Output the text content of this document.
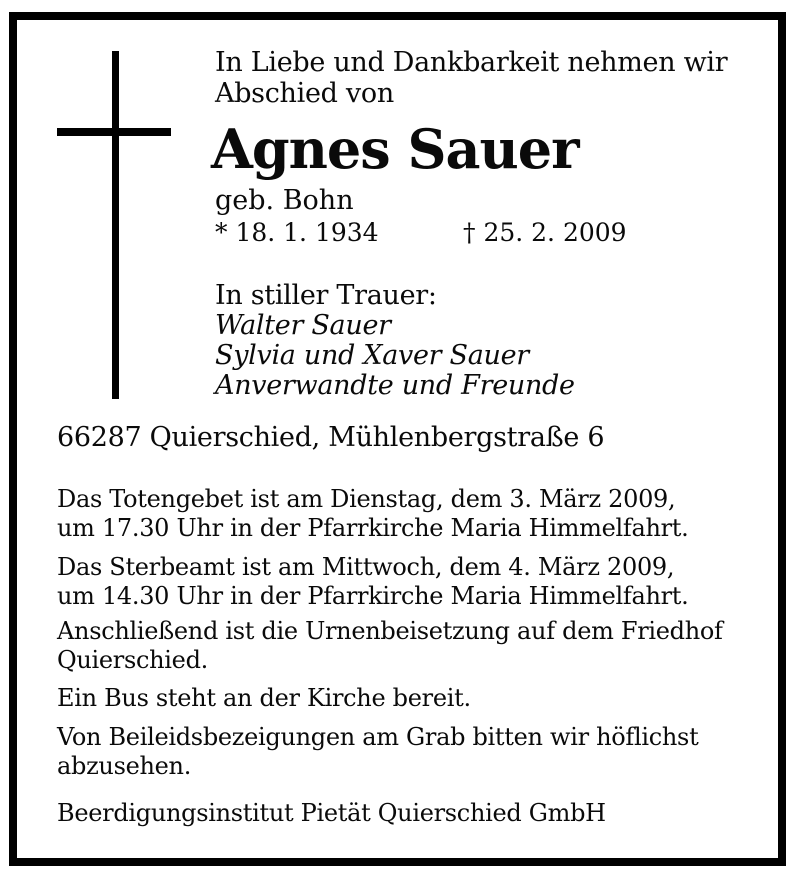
In Liebe und Dankbarkeit nehmen wir
Abschied von
Agnes Sauer
geb. Bohn
* 18. 1. 1934	† 25. 2. 2009
In stiller Trauer:
Walter Sauer
Sylvia und Xaver Sauer
Anverwandte und Freunde
66287 Quierschied, Mühlenbergstraße 6

Das Totengebet ist am Dienstag, dem 3. März 2009,
um 17.30 Uhr in der Pfarrkirche Maria Himmelfahrt.

Das Sterbeamt ist am Mittwoch, dem 4. März 2009,
um 14.30 Uhr in der Pfarrkirche Maria Himmelfahrt.

Anschließend ist die Urnenbeisetzung auf dem Friedhof
Quierschied.

Ein Bus steht an der Kirche bereit.

Von Beileidsbezeigungen am Grab bitten wir höflichst
abzusehen.

Beerdigungsinstitut Pietät Quierschied GmbH
